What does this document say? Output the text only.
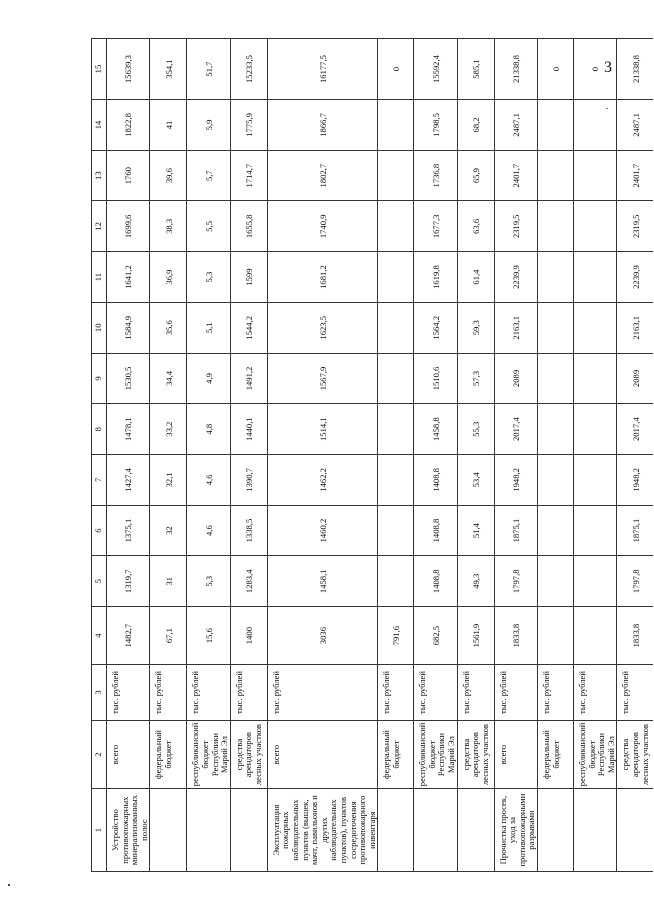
3
1	2	3	4	5	6	7	8	9	10	11	12	13	14	15
Устройство противопожарных минерализованных полос	всего	тыс. рублей	1482,7	1319,7	1375,1	1427,4	1478,1	1530,5	1584,9	1641,2	1699,6	1760	1822,8	15639,3
	федеральный бюджет	тыс. рублей	67,1	31	32	32,1	33,2	34,4	35,6	36,9	38,3	39,6	41	354,1
	республиканский бюджет Республики Марий Эл	тыс. рублей	15,6	5,3	4,6	4,6	4,8	4,9	5,1	5,3	5,5	5,7	5,9	51,7
	средства арендаторов лесных участков	тыс. рублей	1400	1283,4	1338,5	1390,7	1440,1	1491,2	1544,2	1599	1655,8	1714,7	1775,9	15233,5
Эксплуатация пожарных наблюдательных пунктов (вышек, мачт, павильонов и других наблюдательных пунктов), пунктов сосредоточения противопожарного инвентаря	всего	тыс. рублей	3036	1458,1	1460,2	1462,2	1514,1	1567,9	1623,5	1681,2	1740,9	1802,7	1866,7	16177,5
	федеральный бюджет	тыс. рублей	791,6											0
	республиканский бюджет Республики Марий Эл	тыс. рублей	682,5	1408,8	1408,8	1408,8	1458,8	1510,6	1564,2	1619,8	1677,3	1736,8	1798,5	15592,4
	средства арендаторов лесных участков	тыс. рублей	1561,9	49,3	51,4	53,4	55,3	57,3	59,3	61,4	63,6	65,9	68,2	585,1
Прочистка просек, уход за противопожарными разрывами	всего	тыс. рублей	1833,8	1797,8	1875,1	1948,2	2017,4	2089	2163,1	2239,9	2319,5	2401,7	2487,1	21338,8
	федеральный бюджет	тыс. рублей												0
	республиканский бюджет Республики Марий Эл	тыс. рублей												0
	средства арендаторов лесных участков	тыс. рублей	1833,8	1797,8	1875,1	1948,2	2017,4	2089	2163,1	2239,9	2319,5	2401,7	2487,1	21338,8
